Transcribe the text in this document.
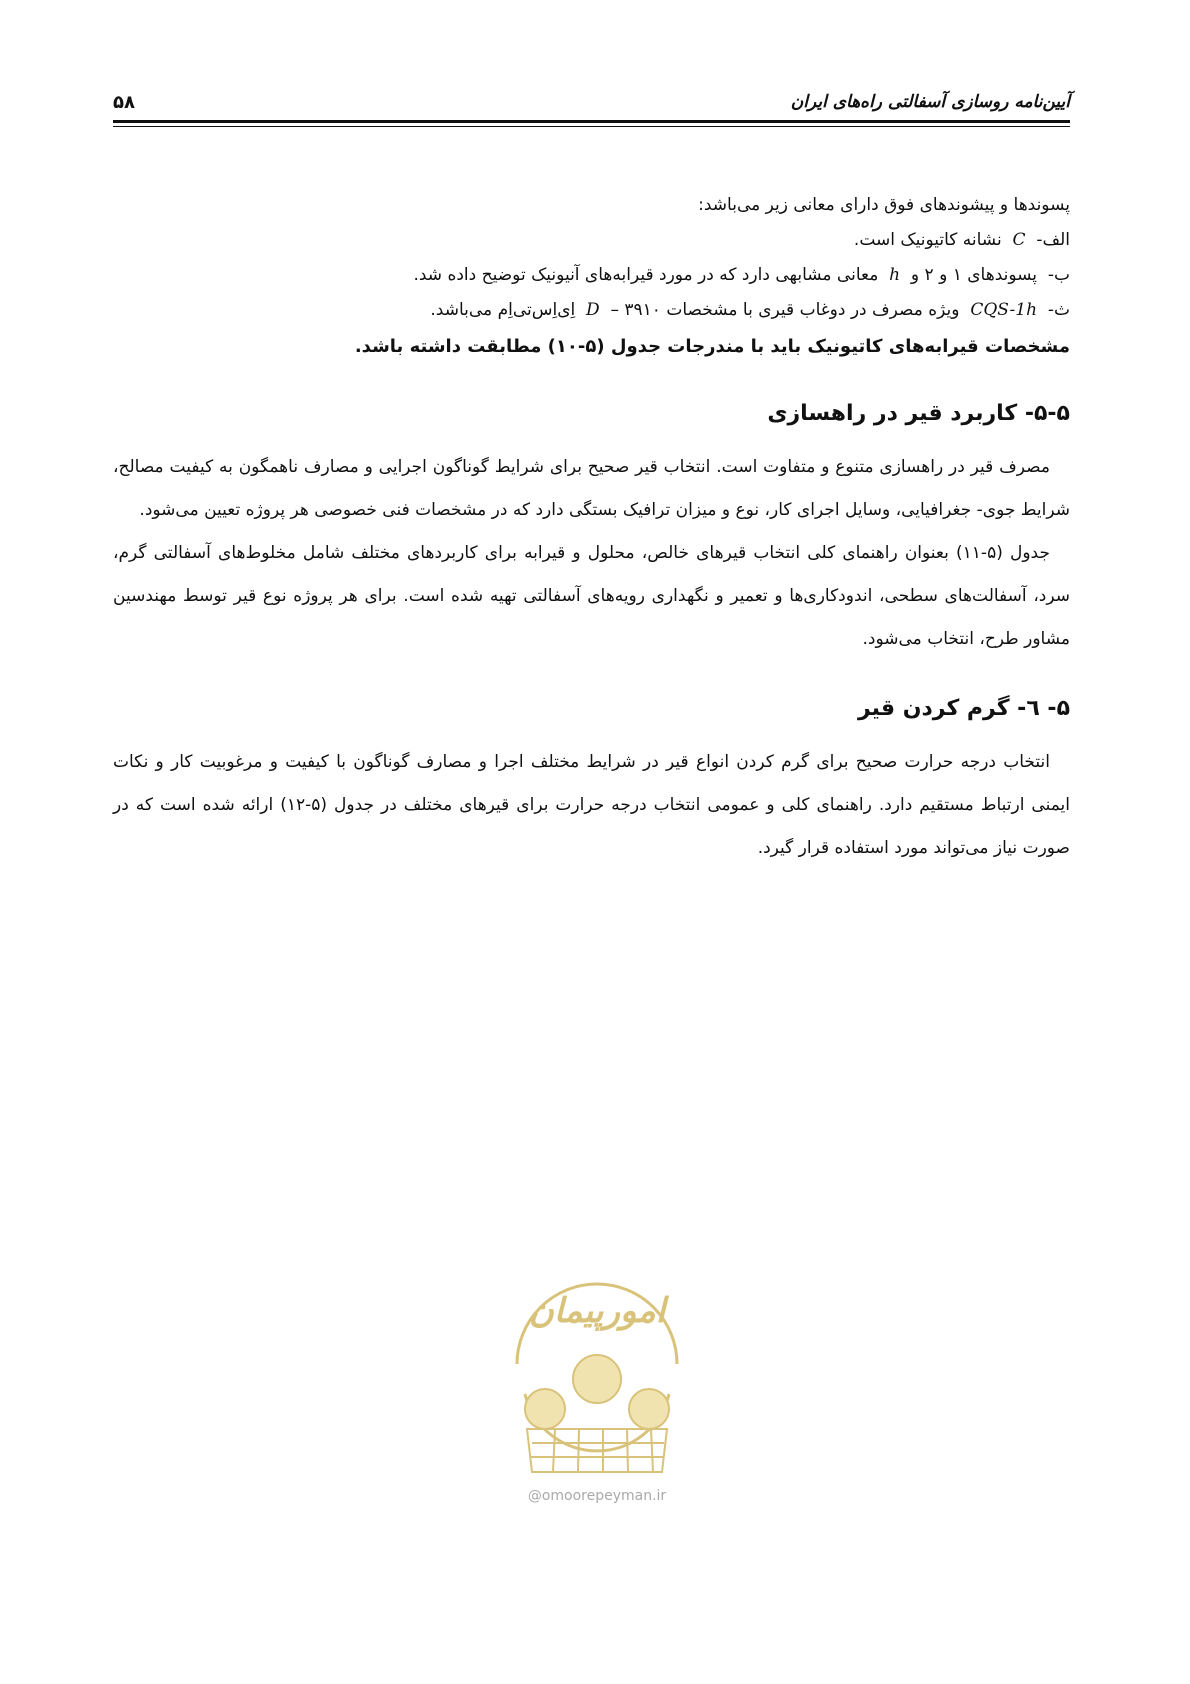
آیین‌نامه روسازی آسفالتی راه‌های ایران
۵۸
پسوندها و پیشوندهای فوق دارای معانی زیر می‌باشد:
الف-  C  نشانه کاتیونیک است.
ب-  پسوندهای ۱ و ۲ و  h  معانی مشابهی دارد که در مورد قیرابه‌های آنیونیک توضیح داده شد.
ث-  CQS-1h  ویژه مصرف در دوغاب قیری با مشخصات ۳۹۱۰ –  D  اِی‌اِس‌تی‌اِم می‌باشد.
مشخصات قیرابه‌های کاتیونیک باید با مندرجات جدول (۵-۱۰) مطابقت داشته باشد.
۵-۵- کاربرد قیر در راهسازی

مصرف قیر در راهسازی متنوع و متفاوت است. انتخاب قیر صحیح برای شرایط گوناگون اجرایی و مصارف ناهمگون به کیفیت مصالح، شرایط جوی- جغرافیایی، وسایل اجرای کار، نوع و میزان ترافیک بستگی دارد که در مشخصات فنی خصوصی هر پروژه تعیین می‌شود.

جدول (۵-۱۱) بعنوان راهنمای کلی انتخاب قیرهای خالص، محلول و قیرابه برای کاربردهای مختلف شامل مخلوط‌های آسفالتی گرم، سرد، آسفالت‌های سطحی، اندودکاری‌ها و تعمیر و نگهداری رویه‌های آسفالتی تهیه شده است. برای هر پروژه نوع قیر توسط مهندسین مشاور طرح، انتخاب می‌شود.

۵- ٦- گرم کردن قیر

انتخاب درجه حرارت صحیح برای گرم کردن انواع قیر در شرایط مختلف اجرا و مصارف گوناگون با کیفیت و مرغوبیت کار و نکات ایمنی ارتباط مستقیم دارد. راهنمای کلی و عمومی انتخاب درجه حرارت برای قیرهای مختلف در جدول (۵-۱۲) ارائه شده است که در صورت نیاز می‌تواند مورد استفاده قرار گیرد.

امورپیمان
@omoorepeyman.ir
